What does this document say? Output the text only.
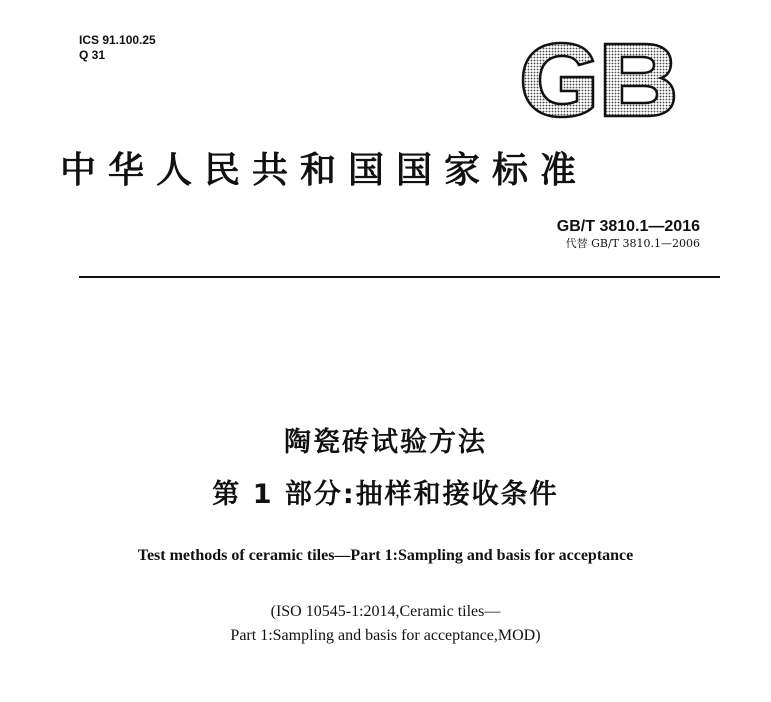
ICS 91.100.25
Q 31
中华人民共和国国家标准
GB/T 3810.1—2016
代替 GB/T 3810.1—2006
陶瓷砖试验方法
第 1 部分:抽样和接收条件
Test methods of ceramic tiles—Part 1:Sampling and basis for acceptance
(ISO 10545-1:2014,Ceramic tiles—
Part 1:Sampling and basis for acceptance,MOD)
